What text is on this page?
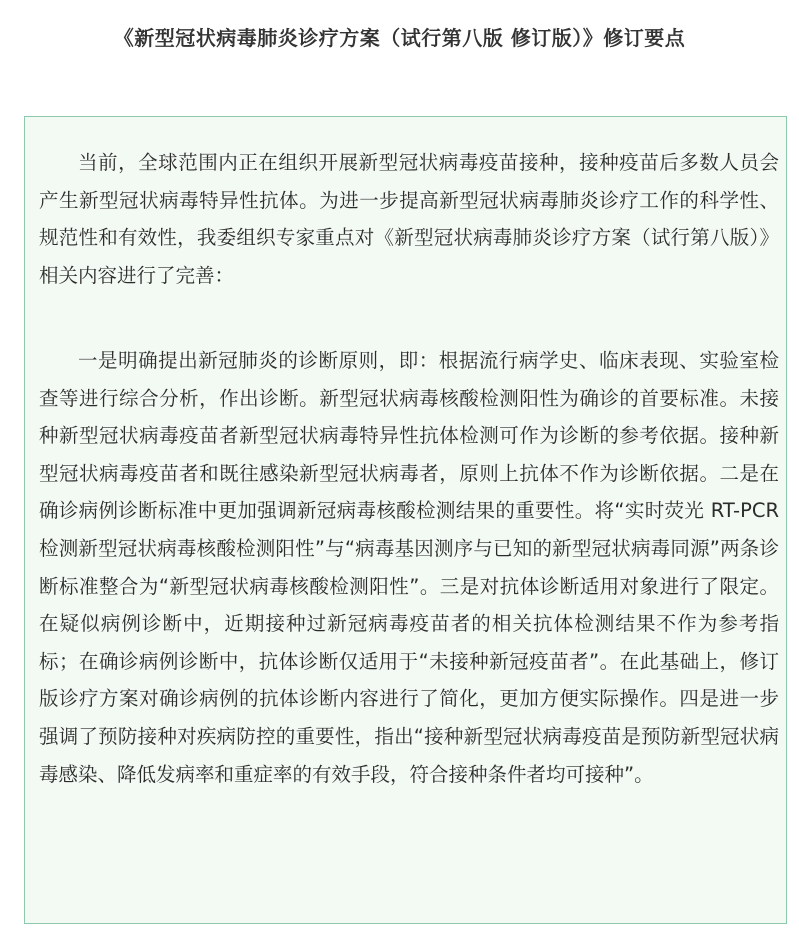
《新型冠状病毒肺炎诊疗方案（试行第八版 修订版）》修订要点

当前，全球范围内正在组织开展新型冠状病毒疫苗接种，接种疫苗后多数人员会产生新型冠状病毒特异性抗体。为进一步提高新型冠状病毒肺炎诊疗工作的科学性、规范性和有效性，我委组织专家重点对《新型冠状病毒肺炎诊疗方案（试行第八版）》相关内容进行了完善：

一是明确提出新冠肺炎的诊断原则，即：根据流行病学史、临床表现、实验室检查等进行综合分析，作出诊断。新型冠状病毒核酸检测阳性为确诊的首要标准。未接种新型冠状病毒疫苗者新型冠状病毒特异性抗体检测可作为诊断的参考依据。接种新型冠状病毒疫苗者和既往感染新型冠状病毒者，原则上抗体不作为诊断依据。二是在确诊病例诊断标准中更加强调新冠病毒核酸检测结果的重要性。将“实时荧光 RT-PCR 检测新型冠状病毒核酸检测阳性”与“病毒基因测序与已知的新型冠状病毒同源”两条诊断标准整合为“新型冠状病毒核酸检测阳性”。三是对抗体诊断适用对象进行了限定。在疑似病例诊断中，近期接种过新冠病毒疫苗者的相关抗体检测结果不作为参考指标；在确诊病例诊断中，抗体诊断仅适用于“未接种新冠疫苗者”。在此基础上，修订版诊疗方案对确诊病例的抗体诊断内容进行了简化，更加方便实际操作。四是进一步强调了预防接种对疾病防控的重要性，指出“接种新型冠状病毒疫苗是预防新型冠状病毒感染、降低发病率和重症率的有效手段，符合接种条件者均可接种”。
